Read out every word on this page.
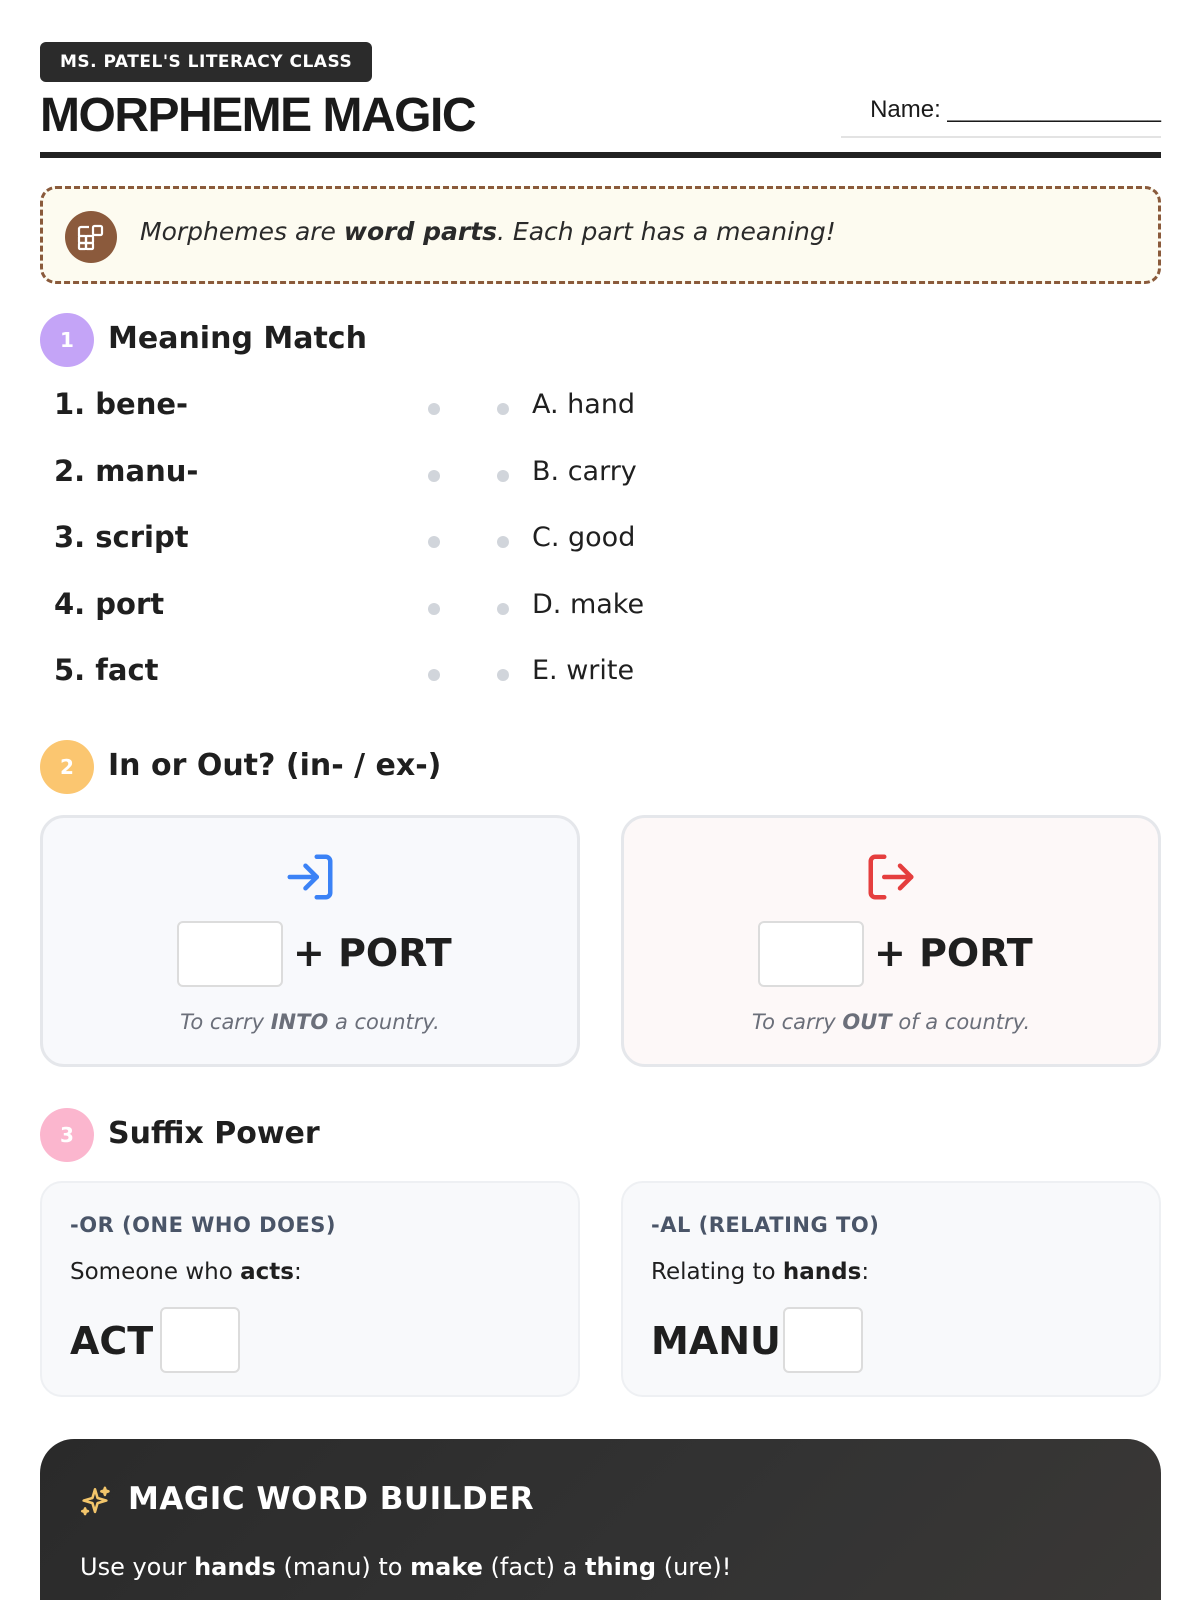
MS. PATEL'S LITERACY CLASS
MORPHEME MAGIC	Name: ________________
Morphemes are word parts. Each part has a meaning!
1	Meaning Match
1. bene-	A. hand
2. manu-	B. carry
3. script	C. good
4. port	D. make
5. fact	E. write
2	In or Out? (in- / ex-)
+ PORT
To carry INTO a country.
+ PORT
To carry OUT of a country.
3	Suffix Power
-OR (ONE WHO DOES)
Someone who acts:
ACT
-AL (RELATING TO)
Relating to hands:
MANU
MAGIC WORD BUILDER
Use your hands (manu) to make (fact) a thing (ure)!
